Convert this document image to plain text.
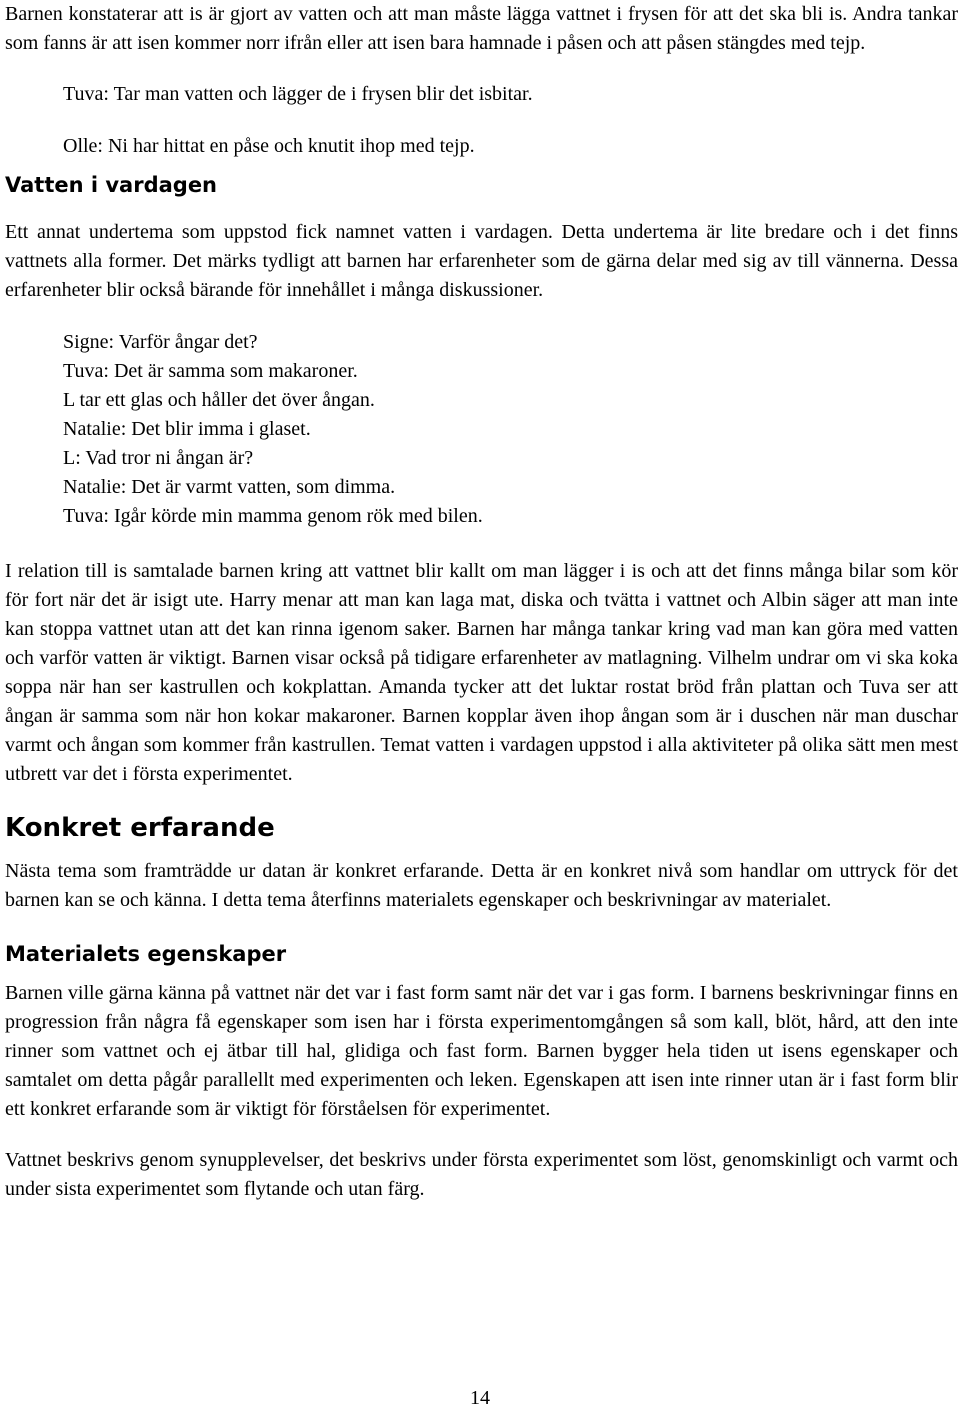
Barnen konstaterar att is är gjort av vatten och att man måste lägga vattnet i frysen för att det ska bli is. Andra tankar som fanns är att isen kommer norr ifrån eller att isen bara hamnade i påsen och att påsen stängdes med tejp.

Tuva: Tar man vatten och lägger de i frysen blir det isbitar.
Olle: Ni har hittat en påse och knutit ihop med tejp.
Vatten i vardagen

Ett annat undertema som uppstod fick namnet vatten i vardagen. Detta undertema är lite bredare och i det finns vattnets alla former. Det märks tydligt att barnen har erfarenheter som de gärna delar med sig av till vännerna. Dessa erfarenheter blir också bärande för innehållet i många diskussioner.

Signe: Varför ångar det?
Tuva: Det är samma som makaroner.
L tar ett glas och håller det över ångan.
Natalie: Det blir imma i glaset.
L: Vad tror ni ångan är?
Natalie: Det är varmt vatten, som dimma.
Tuva: Igår körde min mamma genom rök med bilen.

I relation till is samtalade barnen kring att vattnet blir kallt om man lägger i is och att det finns många bilar som kör för fort när det är isigt ute. Harry menar att man kan laga mat, diska och tvätta i vattnet och Albin säger att man inte kan stoppa vattnet utan att det kan rinna igenom saker. Barnen har många tankar kring vad man kan göra med vatten och varför vatten är viktigt. Barnen visar också på tidigare erfarenheter av matlagning. Vilhelm undrar om vi ska koka soppa när han ser kastrullen och kokplattan. Amanda tycker att det luktar rostat bröd från plattan och Tuva ser att ångan är samma som när hon kokar makaroner. Barnen kopplar även ihop ångan som är i duschen när man duschar varmt och ångan som kommer från kastrullen. Temat vatten i vardagen uppstod i alla aktiviteter på olika sätt men mest utbrett var det i första experimentet.

Konkret erfarande

Nästa tema som framträdde ur datan är konkret erfarande. Detta är en konkret nivå som handlar om uttryck för det barnen kan se och känna. I detta tema återfinns materialets egenskaper och beskrivningar av materialet.

Materialets egenskaper

Barnen ville gärna känna på vattnet när det var i fast form samt när det var i gas form. I barnens beskrivningar finns en progression från några få egenskaper som isen har i första experimentomgången så som kall, blöt, hård, att den inte rinner som vattnet och ej ätbar till hal, glidiga och fast form. Barnen bygger hela tiden ut isens egenskaper och samtalet om detta pågår parallellt med experimenten och leken. Egenskapen att isen inte rinner utan är i fast form blir ett konkret erfarande som är viktigt för förståelsen för experimentet.

Vattnet beskrivs genom synupplevelser, det beskrivs under första experimentet som löst, genomskinligt och varmt och under sista experimentet som flytande och utan färg.

14
